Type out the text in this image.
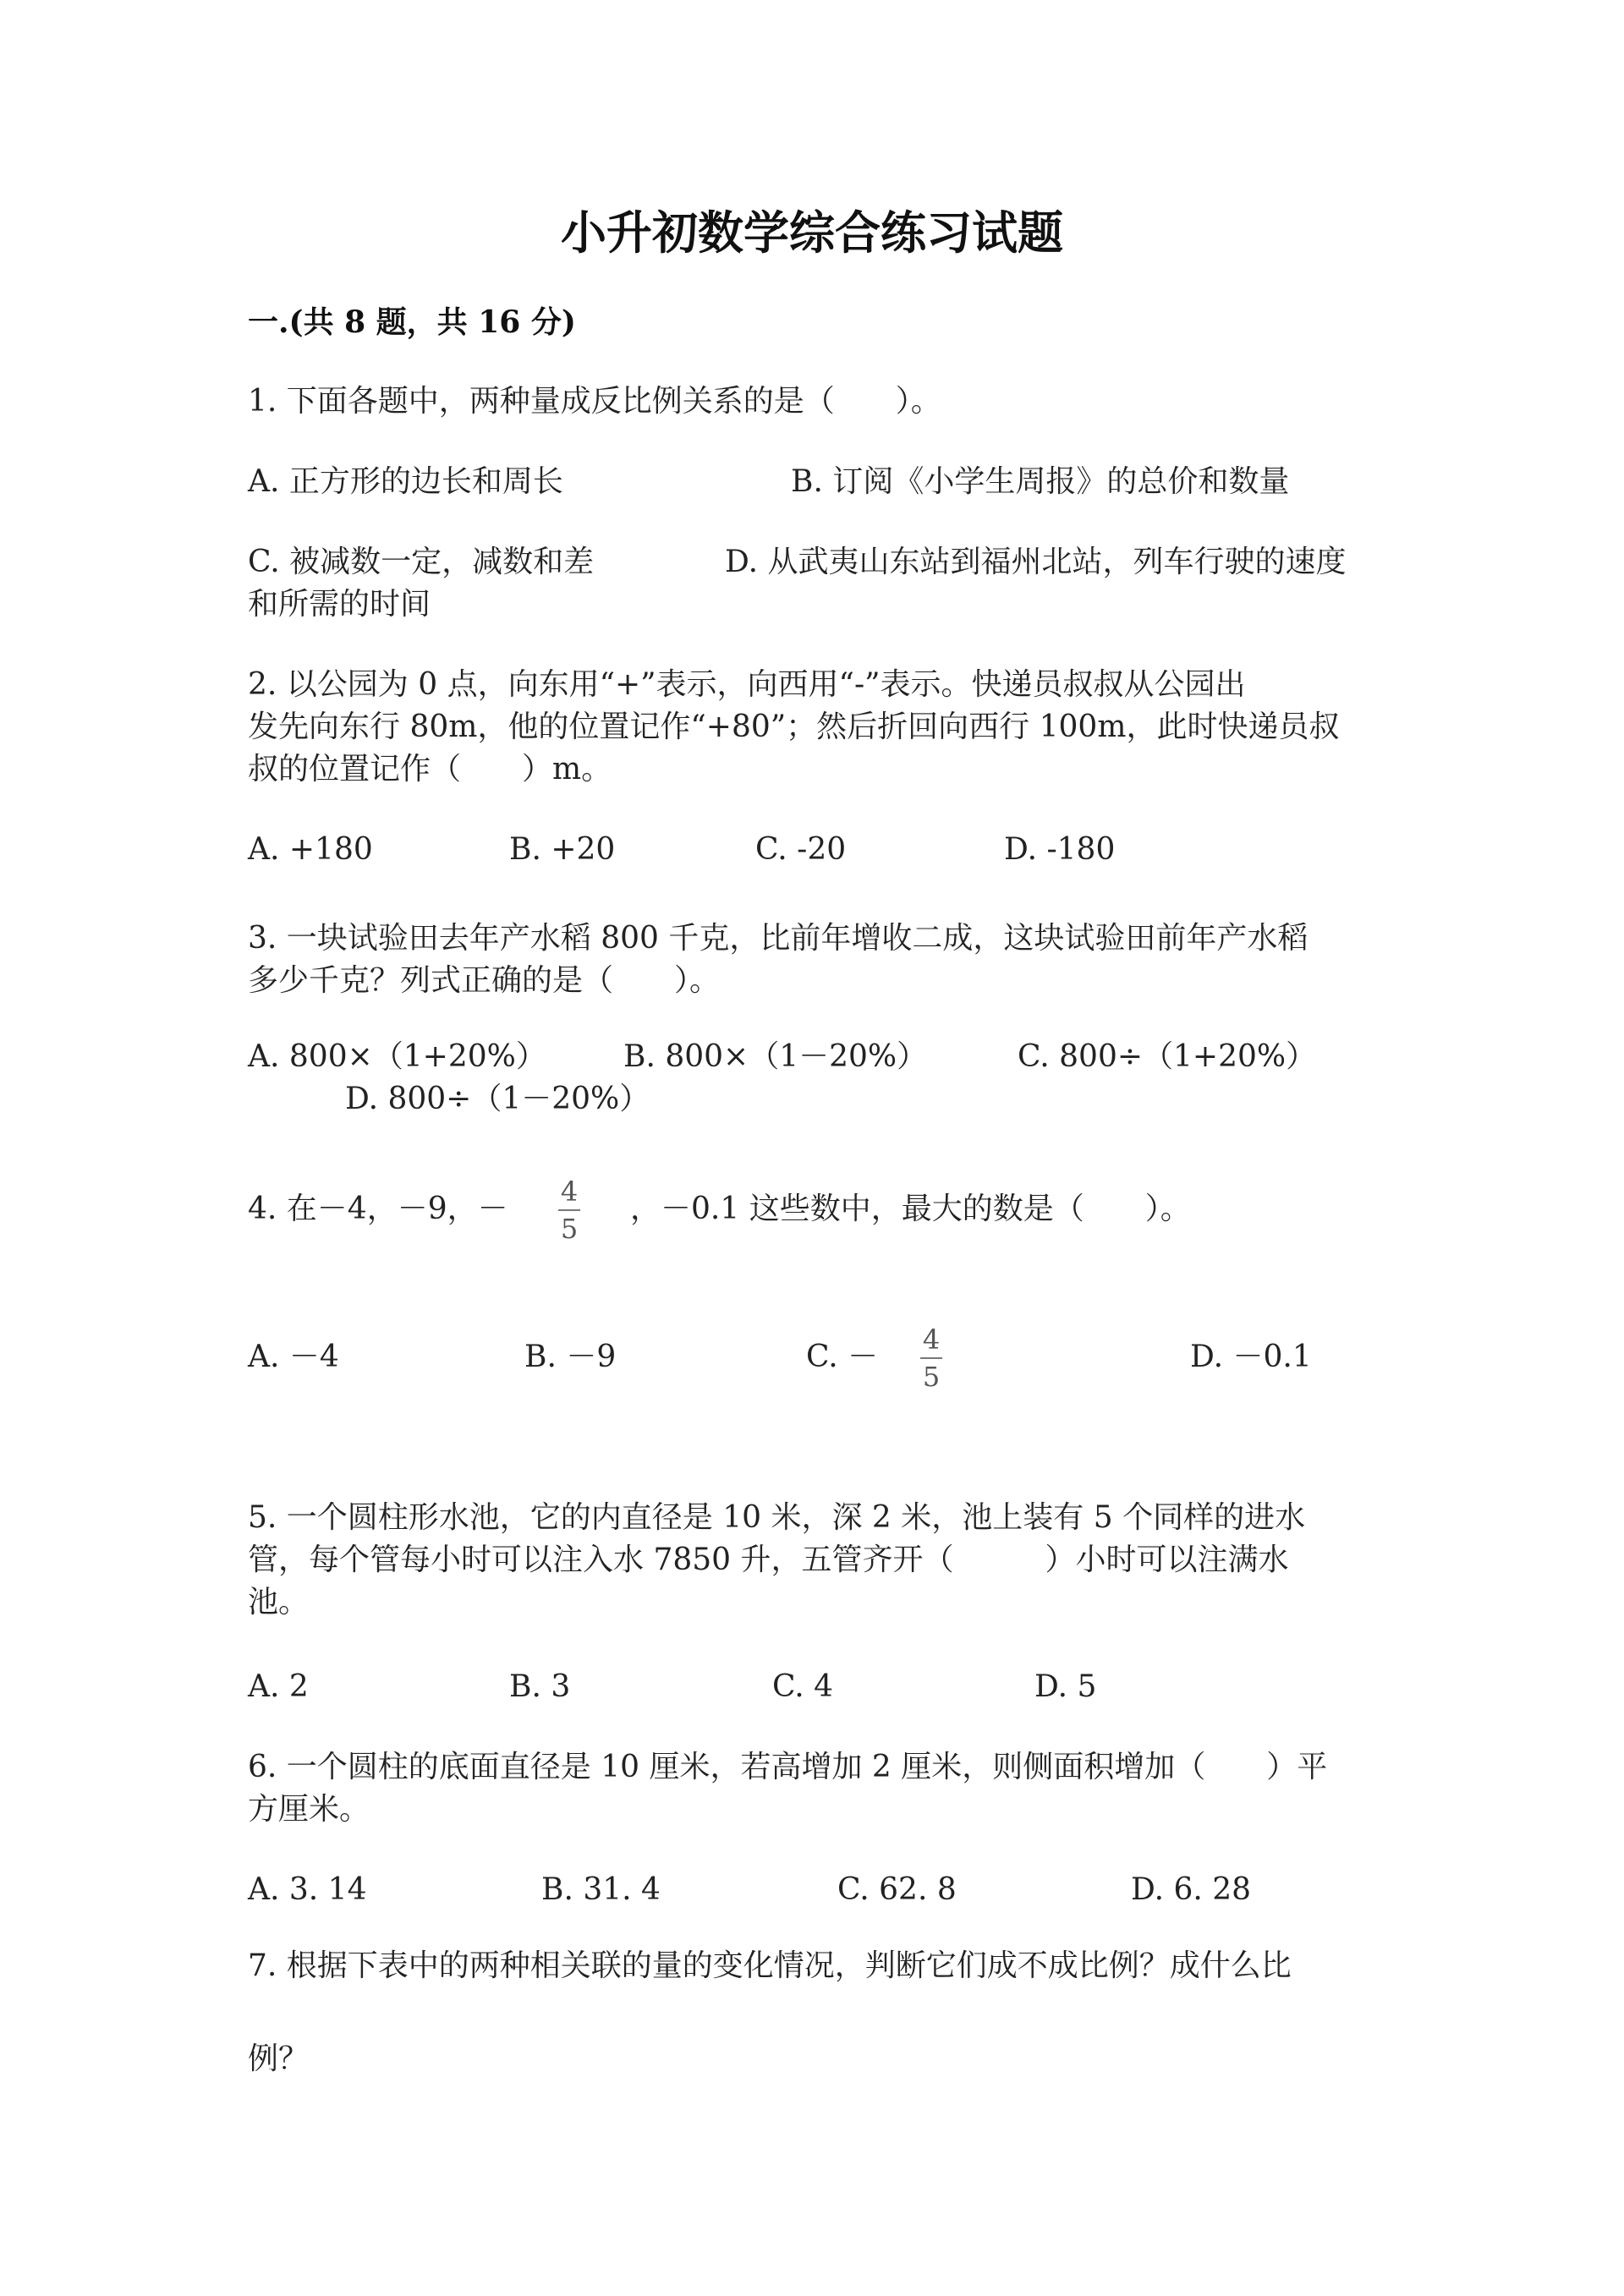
小升初数学综合练习试题
一.(共 8 题，共 16 分)
1. 下面各题中，两种量成反比例关系的是（　　）。
A. 正方形的边长和周长	B. 订阅《小学生周报》的总价和数量
C. 被减数一定，减数和差	D. 从武夷山东站到福州北站，列车行驶的速度
和所需的时间
2. 以公园为 0 点，向东用“+”表示，向西用“-”表示。快递员叔叔从公园出
发先向东行 80m，他的位置记作“+80”；然后折回向西行 100m，此时快递员叔
叔的位置记作（　　）m。
A. +180	B. +20	C. -20	D. -180
3. 一块试验田去年产水稻 800 千克，比前年增收二成，这块试验田前年产水稻
多少千克？列式正确的是（　　）。
A. 800×（1+20%）	B. 800×（1－20%）	C. 800÷（1+20%）
D. 800÷（1－20%）
4. 在－4，－9，－ 4
5
，－0.1 这些数中，最大的数是（　　）。
A. －4	B. －9	C. － 4
5
D. －0.1
5. 一个圆柱形水池，它的内直径是 10 米，深 2 米，池上装有 5 个同样的进水
管，每个管每小时可以注入水 7850 升，五管齐开（　　　）小时可以注满水
池。
A. 2	B. 3	C. 4	D. 5
6. 一个圆柱的底面直径是 10 厘米，若高增加 2 厘米，则侧面积增加（　　）平
方厘米。
A. 3. 14	B. 31. 4	C. 62. 8	D. 6. 28
7. 根据下表中的两种相关联的量的变化情况，判断它们成不成比例？成什么比
例？
